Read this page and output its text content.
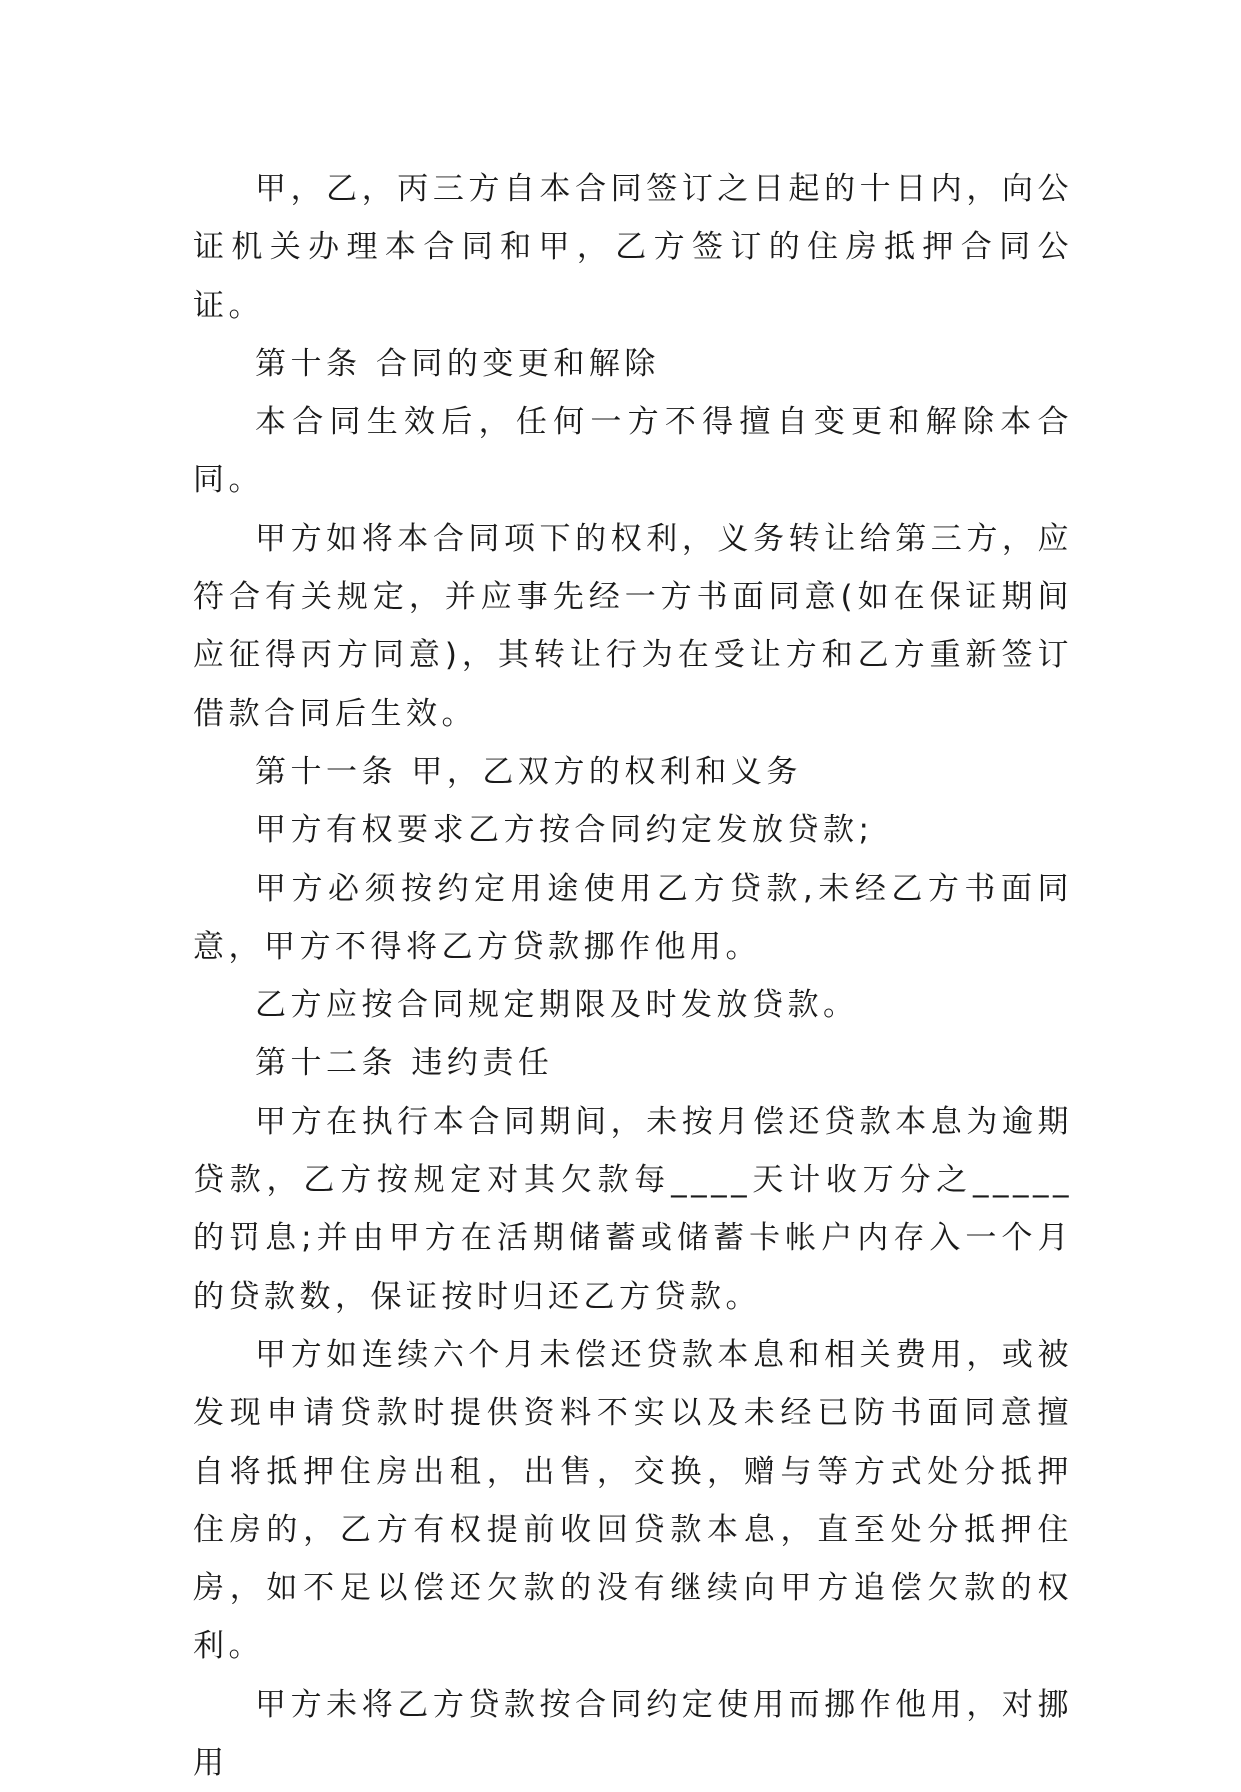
甲，乙，丙三方自本合同签订之日起的十日内，向公证机关办理本合同和甲，乙方签订的住房抵押合同公证。

第十条 合同的变更和解除

本合同生效后，任何一方不得擅自变更和解除本合同。

甲方如将本合同项下的权利，义务转让给第三方，应符合有关规定，并应事先经一方书面同意(如在保证期间应征得丙方同意)，其转让行为在受让方和乙方重新签订借款合同后生效。

第十一条 甲，乙双方的权利和义务

甲方有权要求乙方按合同约定发放贷款;

甲方必须按约定用途使用乙方贷款,未经乙方书面同意，甲方不得将乙方贷款挪作他用。

乙方应按合同规定期限及时发放贷款。

第十二条 违约责任

甲方在执行本合同期间，未按月偿还贷款本息为逾期贷款，乙方按规定对其欠款每____天计收万分之_____的罚息;并由甲方在活期储蓄或储蓄卡帐户内存入一个月的贷款数，保证按时归还乙方贷款。

甲方如连续六个月未偿还贷款本息和相关费用，或被发现申请贷款时提供资料不实以及未经已防书面同意擅自将抵押住房出租，出售，交换，赠与等方式处分抵押住房的，乙方有权提前收回贷款本息，直至处分抵押住房，如不足以偿还欠款的没有继续向甲方追偿欠款的权利。

甲方未将乙方贷款按合同约定使用而挪作他用，对挪用
